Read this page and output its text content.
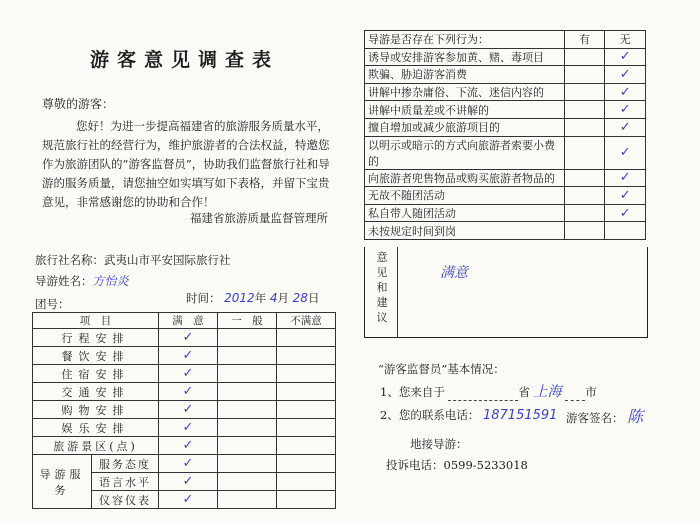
游客意见调查表
尊敬的游客：
您好！为进一步提高福建省的旅游服务质量水平，规范旅行社的经营行为，维护旅游者的合法权益，特邀您作为旅游团队的“游客监督员”，协助我们监督旅行社和导游的服务质量，请您抽空如实填写如下表格，并留下宝贵意见，非常感谢您的协助和合作！
福建省旅游质量监督管理所
旅行社名称：武夷山市平安国际旅行社
导游姓名：方怡炎
团号：	时间： 2012年 4月 28日
项　目		满　意	一　般	不满意
行程安排		✓		

餐饮安排		✓		

住宿安排		✓		

交通安排		✓		

购物安排		✓		

娱乐安排		✓		

旅游景区(点)		✓		

导游服务	服务态度	✓		

	语言水平	✓		

	仪容仪表	✓		

导游是否存在下列行为：	有	无
诱导或安排游客参加黄、赌、毒项目		✓

欺骗、胁迫游客消费		✓

讲解中掺杂庸俗、下流、迷信内容的		✓

讲解中质量差或不讲解的		✓

擅自增加或减少旅游项目的		✓

以明示或暗示的方式向旅游者索要小费的		✓

向旅游者兜售物品或购买旅游者物品的		✓

无故不随团活动		✓

私自带人随团活动		✓

未按规定时间到岗		
意见和建议
满意
“游客监督员”基本情况：
1、您来自于	省 上海 市
2、您的联系电话： 187151591 游客签名： 陈
地接导游：
投诉电话：0599-5233018
